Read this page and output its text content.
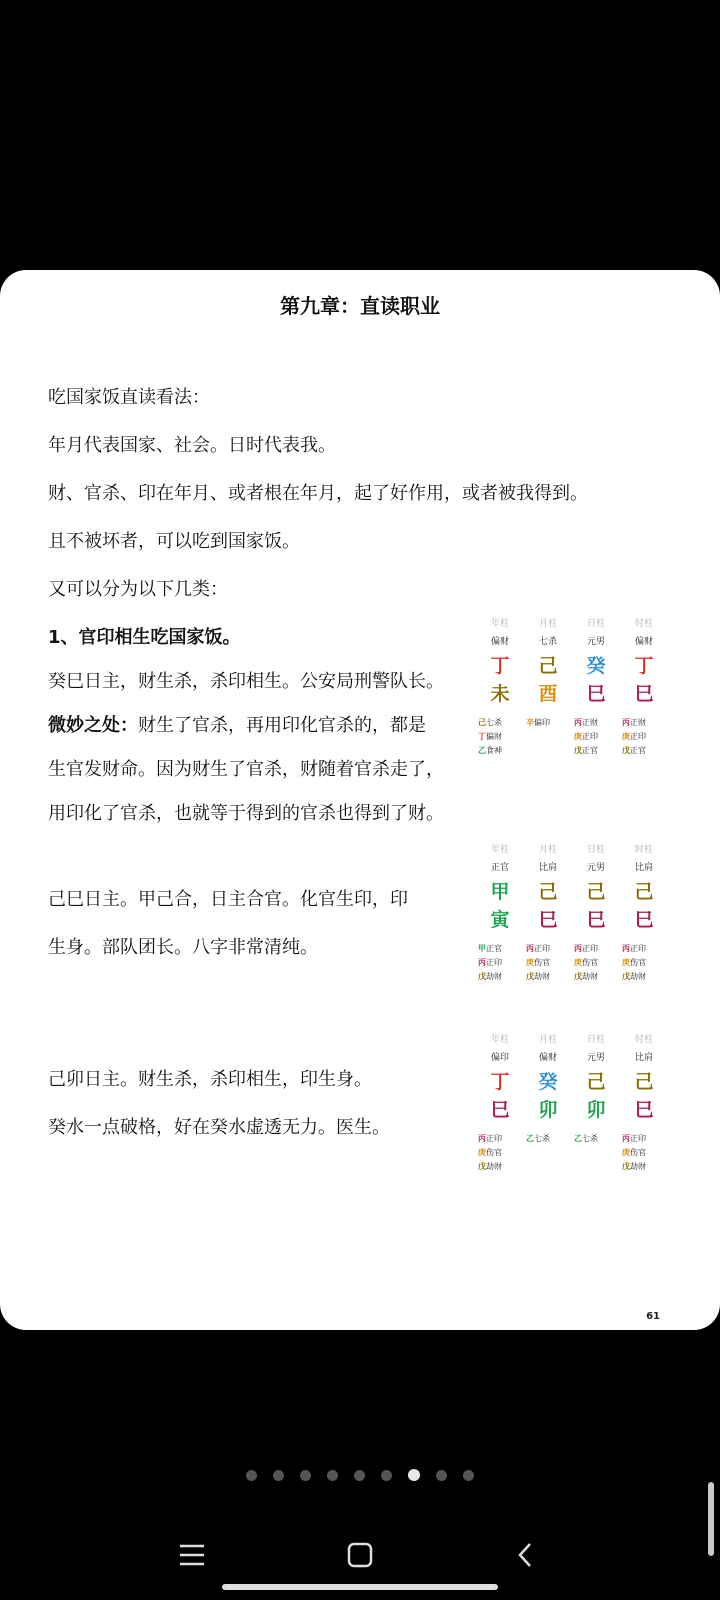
第九章：直读职业
吃国家饭直读看法：
年月代表国家、社会。日时代表我。
财、官杀、印在年月、或者根在年月，起了好作用，或者被我得到。
且不被坏者，可以吃到国家饭。
又可以分为以下几类：
1、官印相生吃国家饭。
癸巳日主，财生杀，杀印相生。公安局刑警队长。
微妙之处：财生了官杀，再用印化官杀的，都是
生官发财命。因为财生了官杀，财随着官杀走了，
用印化了官杀，也就等于得到的官杀也得到了财。
己巳日主。甲己合，日主合官。化官生印，印
生身。部队团长。八字非常清纯。
己卯日主。财生杀，杀印相生，印生身。
癸水一点破格，好在癸水虚透无力。医生。
年柱
偏财
丁
未
己七杀
丁偏财
乙食神
月柱
七杀
己
酉
辛偏印
日柱
元男
癸
巳
丙正财
庚正印
戊正官
时柱
偏财
丁
巳
丙正财
庚正印
戊正官
年柱
正官
甲
寅
甲正官
丙正印
戊劫财
月柱
比肩
己
巳
丙正印
庚伤官
戊劫财
日柱
元男
己
巳
丙正印
庚伤官
戊劫财
时柱
比肩
己
巳
丙正印
庚伤官
戊劫财
年柱
偏印
丁
巳
丙正印
庚伤官
戊劫财
月柱
偏财
癸
卯
乙七杀
日柱
元男
己
卯
乙七杀
时柱
比肩
己
巳
丙正印
庚伤官
戊劫财
61
